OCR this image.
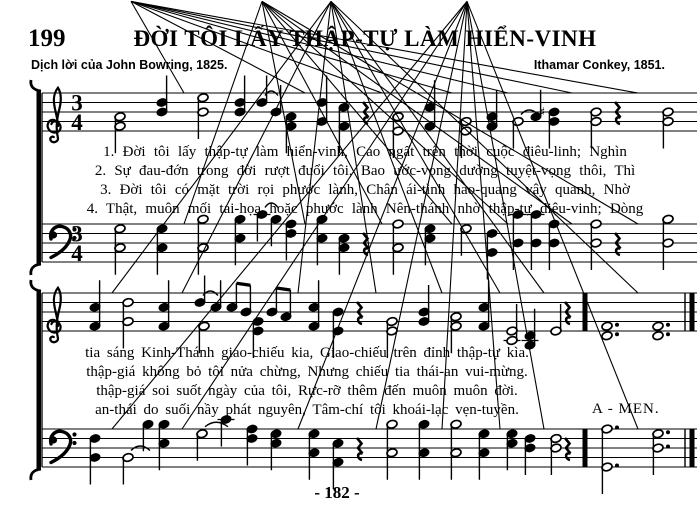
3
4	♯
3
4
199	ĐỜI TÔI LẤY THẬP-TỰ LÀM HIỂN-VINH
Dịch lời của John Bowring, 1825.	Ithamar Conkey, 1851.
1. Đời tôi lấy thập-tự làm hiển-vinh, Cao ngất trên thời cuộc điêu-linh; Nghìn
2. Sự đau-đớn trong đời rượt đuổi tôi, Bao ước-vọng dường tuyệt-vọng thôi, Thì
3. Đời tôi có mặt trời rọi phước lành, Chân ái-tình hào-quang vây quanh, Nhờ
4. Thật, muôn mối tai-họa hoặc phước lành Nên-thánh nhờ thập-tự diệu-vinh; Dòng
tia sáng Kinh-Thánh giao-chiếu kia, Giao-chiếu trên đỉnh thập-tự kìa.
thập-giá không bỏ tôi nửa chừng, Nhưng chiếu tia thái-an vui-mừng.
thập-giá soi suốt ngày của tôi, Rực-rỡ thêm đến muôn muôn đời.
an-thái do suối nầy phát nguyên, Tâm-chí tôi khoái-lạc vẹn-tuyền.	A - MEN.
- 182 -
